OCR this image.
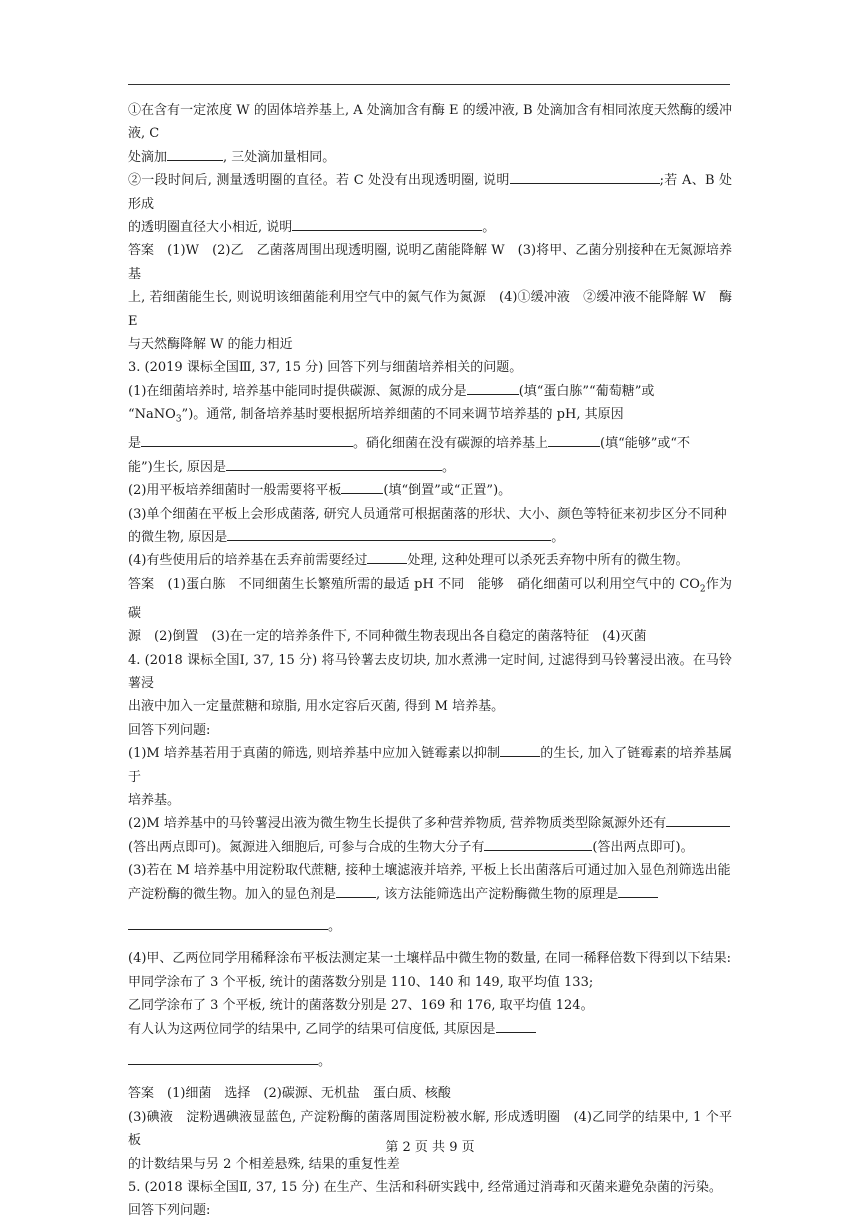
①在含有一定浓度 W 的固体培养基上, A 处滴加含有酶 E 的缓冲液, B 处滴加含有相同浓度天然酶的缓冲液, C

处滴加	, 三处滴加量相同。

②一段时间后, 测量透明圈的直径。若 C 处没有出现透明圈, 说明	;若 A、B 处形成

的透明圈直径大小相近, 说明	。

答案　(1)W　(2)乙　乙菌落周围出现透明圈, 说明乙菌能降解 W　(3)将甲、乙菌分别接种在无氮源培养基

上, 若细菌能生长, 则说明该细菌能利用空气中的氮气作为氮源　(4)①缓冲液　②缓冲液不能降解 W　酶 E

与天然酶降解 W 的能力相近

3. (2019 课标全国Ⅲ, 37, 15 分) 回答下列与细菌培养相关的问题。

(1)在细菌培养时, 培养基中能同时提供碳源、氮源的成分是	(填“蛋白胨”“葡萄糖”或

“NaNO$_3$”)。通常, 制备培养基时要根据所培养细菌的不同来调节培养基的 pH, 其原因

是	。硝化细菌在没有碳源的培养基上	(填“能够”或“不

能”)生长, 原因是	。

(2)用平板培养细菌时一般需要将平板	(填“倒置”或“正置”)。

(3)单个细菌在平板上会形成菌落, 研究人员通常可根据菌落的形状、大小、颜色等特征来初步区分不同种

的微生物, 原因是	。

(4)有些使用后的培养基在丢弃前需要经过	处理, 这种处理可以杀死丢弃物中所有的微生物。

答案　(1)蛋白胨　不同细菌生长繁殖所需的最适 pH 不同　能够　硝化细菌可以利用空气中的 $CO_2$作为碳

源　(2)倒置　(3)在一定的培养条件下, 不同种微生物表现出各自稳定的菌落特征　(4)灭菌

4. (2018 课标全国Ⅰ, 37, 15 分) 将马铃薯去皮切块, 加水煮沸一定时间, 过滤得到马铃薯浸出液。在马铃薯浸

出液中加入一定量蔗糖和琼脂, 用水定容后灭菌, 得到 M 培养基。

回答下列问题:

(1)M 培养基若用于真菌的筛选, 则培养基中应加入链霉素以抑制	的生长, 加入了链霉素的培养基属于

培养基。

(2)M 培养基中的马铃薯浸出液为微生物生长提供了多种营养物质, 营养物质类型除氮源外还有

(答出两点即可)。氮源进入细胞后, 可参与合成的生物大分子有	(答出两点即可)。

(3)若在 M 培养基中用淀粉取代蔗糖, 接种土壤滤液并培养, 平板上长出菌落后可通过加入显色剂筛选出能

产淀粉酶的微生物。加入的显色剂是	, 该方法能筛选出产淀粉酶微生物的原理是

。

(4)甲、乙两位同学用稀释涂布平板法测定某一土壤样品中微生物的数量, 在同一稀释倍数下得到以下结果:

甲同学涂布了 3 个平板, 统计的菌落数分别是 110、140 和 149, 取平均值 133;

乙同学涂布了 3 个平板, 统计的菌落数分别是 27、169 和 176, 取平均值 124。

有人认为这两位同学的结果中, 乙同学的结果可信度低, 其原因是

。

答案　(1)细菌　选择　(2)碳源、无机盐　蛋白质、核酸

(3)碘液　淀粉遇碘液显蓝色, 产淀粉酶的菌落周围淀粉被水解, 形成透明圈　(4)乙同学的结果中, 1 个平板

的计数结果与另 2 个相差悬殊, 结果的重复性差

5. (2018 课标全国Ⅱ, 37, 15 分) 在生产、生活和科研实践中, 经常通过消毒和灭菌来避免杂菌的污染。

回答下列问题:

第 2 页 共 9 页
